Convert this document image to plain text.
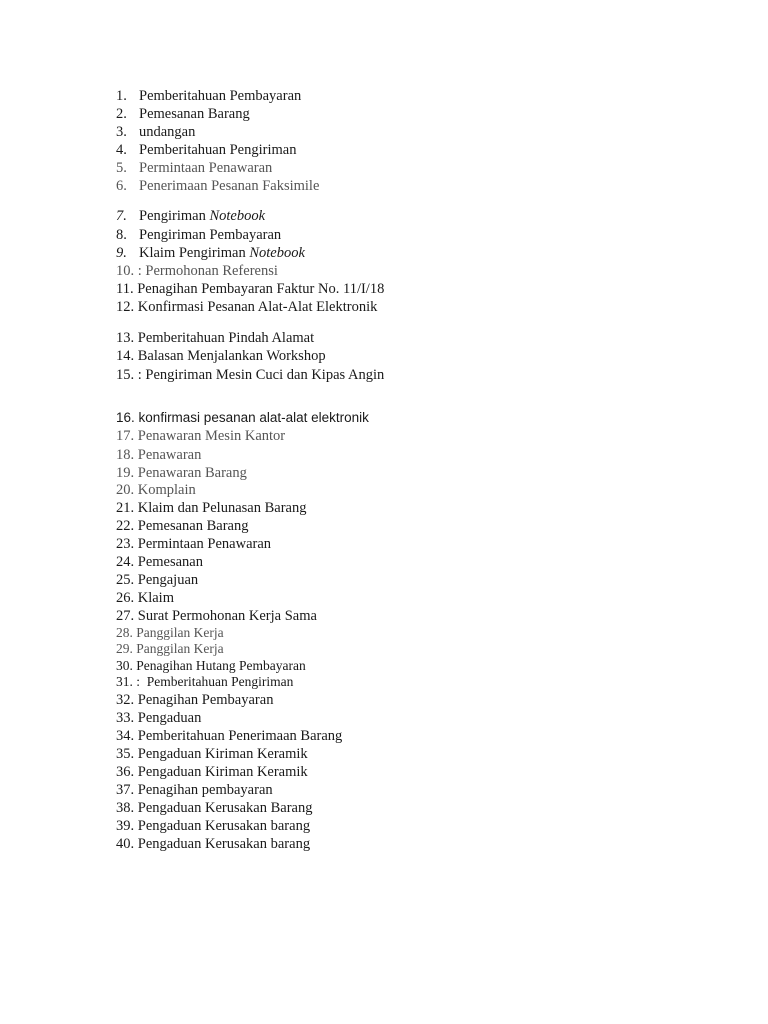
1. Pemberitahuan Pembayaran
2. Pemesanan Barang
3. undangan
4. Pemberitahuan Pengiriman
5. Permintaan Penawaran
6. Penerimaan Pesanan Faksimile
7. Pengiriman Notebook
8. Pengiriman Pembayaran
9. Klaim Pengiriman Notebook
10. : Permohonan Referensi
11. Penagihan Pembayaran Faktur No. 11/I/18
12. Konfirmasi Pesanan Alat-Alat Elektronik
13. Pemberitahuan Pindah Alamat
14. Balasan Menjalankan Workshop
15. : Pengiriman Mesin Cuci dan Kipas Angin
16. konfirmasi pesanan alat-alat elektronik
17. Penawaran Mesin Kantor
18. Penawaran
19. Penawaran Barang
20. Komplain
21. Klaim dan Pelunasan Barang
22. Pemesanan Barang
23. Permintaan Penawaran
24. Pemesanan
25. Pengajuan
26. Klaim
27. Surat Permohonan Kerja Sama
28. Panggilan Kerja
29. Panggilan Kerja
30. Penagihan Hutang Pembayaran
31. :  Pemberitahuan Pengiriman
32. Penagihan Pembayaran
33. Pengaduan
34. Pemberitahuan Penerimaan Barang
35. Pengaduan Kiriman Keramik
36. Pengaduan Kiriman Keramik
37. Penagihan pembayaran
38. Pengaduan Kerusakan Barang
39. Pengaduan Kerusakan barang
40. Pengaduan Kerusakan barang
